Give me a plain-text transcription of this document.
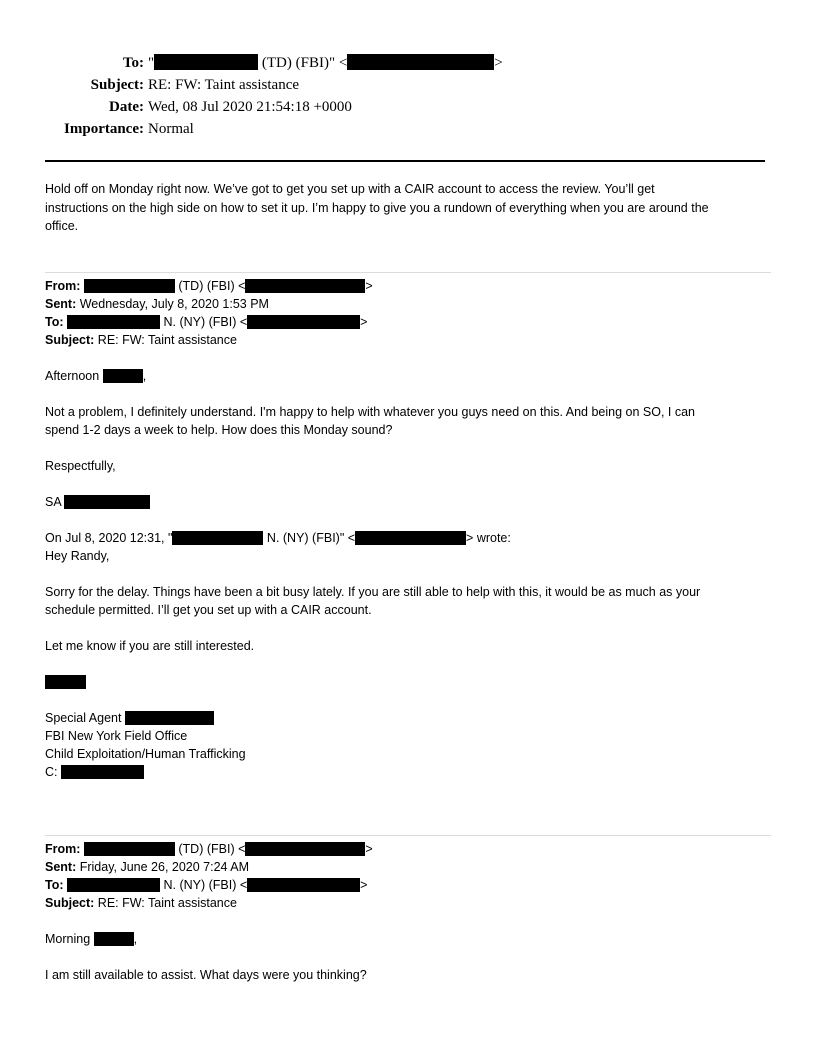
To: "	(TD) (FBI)" <	>
Subject: RE: FW: Taint assistance
Date: Wed, 08 Jul 2020 21:54:18 +0000
Importance: Normal
Hold off on Monday right now. We’ve got to get you set up with a CAIR account to access the review. You’ll get
instructions on the high side on how to set it up. I’m happy to give you a rundown of everything when you are around the
office.
From:	(TD) (FBI) <	>
Sent: Wednesday, July 8, 2020 1:53 PM
To:	N. (NY) (FBI) <	>
Subject: RE: FW: Taint assistance
Afternoon	,
Not a problem, I definitely understand. I'm happy to help with whatever you guys need on this. And being on SO, I can
spend 1-2 days a week to help. How does this Monday sound?
Respectfully,
SA
On Jul 8, 2020 12:31, "	N. (NY) (FBI)" <	> wrote:
Hey Randy,
Sorry for the delay. Things have been a bit busy lately. If you are still able to help with this, it would be as much as your
schedule permitted. I’ll get you set up with a CAIR account.
Let me know if you are still interested.
Special Agent
FBI New York Field Office
Child Exploitation/Human Trafficking
C:
From:	(TD) (FBI) <	>
Sent: Friday, June 26, 2020 7:24 AM
To:	N. (NY) (FBI) <	>
Subject: RE: FW: Taint assistance
Morning	,
I am still available to assist. What days were you thinking?
